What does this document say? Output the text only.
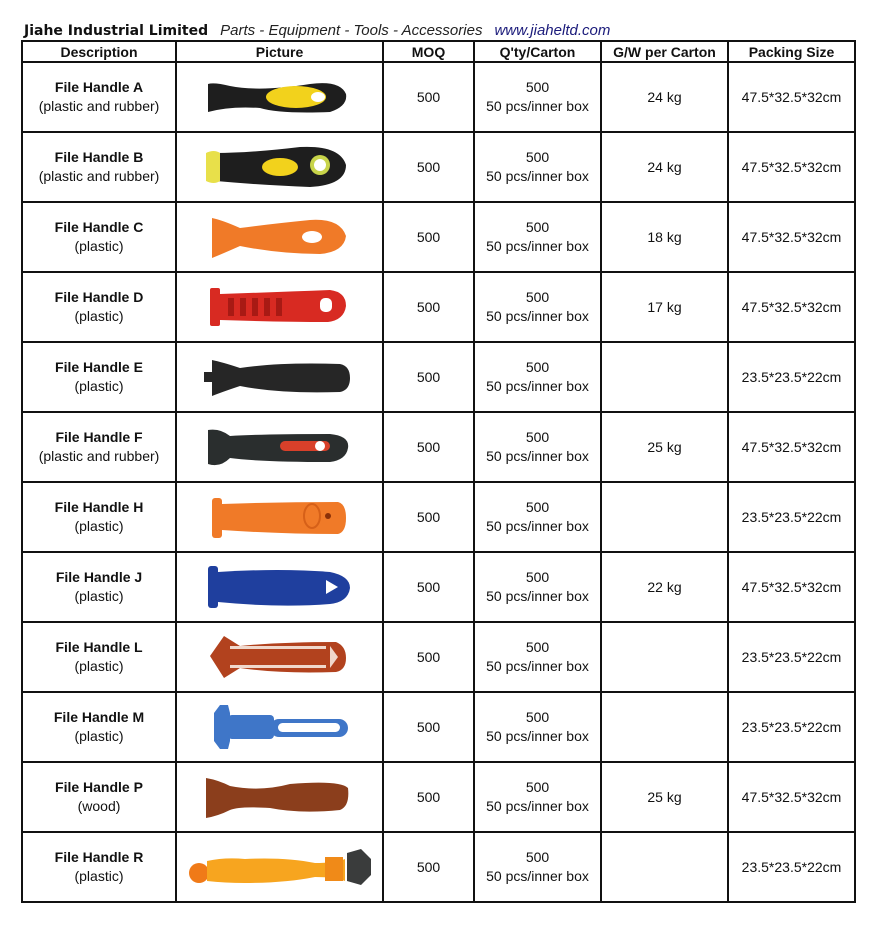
Jiahe Industrial Limited Parts - Equipment - Tools - Accessories www.jiaheltd.com
Description	Picture	MOQ	Q'ty/Carton	G/W per Carton	Packing Size

File Handle A
(plastic and rubber)		500	500
50 pcs/inner box	24 kg	47.5*32.5*32cm

File Handle B
(plastic and rubber)		500	500
50 pcs/inner box	24 kg	47.5*32.5*32cm

File Handle C
(plastic)		500	500
50 pcs/inner box	18 kg	47.5*32.5*32cm

File Handle D
(plastic)		500	500
50 pcs/inner box	17 kg	47.5*32.5*32cm

File Handle E
(plastic)		500	500
50 pcs/inner box		23.5*23.5*22cm

File Handle F
(plastic and rubber)		500	500
50 pcs/inner box	25 kg	47.5*32.5*32cm

File Handle H
(plastic)		500	500
50 pcs/inner box		23.5*23.5*22cm

File Handle J
(plastic)		500	500
50 pcs/inner box	22 kg	47.5*32.5*32cm

File Handle L
(plastic)		500	500
50 pcs/inner box		23.5*23.5*22cm

File Handle M
(plastic)		500	500
50 pcs/inner box		23.5*23.5*22cm

File Handle P
(wood)		500	500
50 pcs/inner box	25 kg	47.5*32.5*32cm

File Handle R
(plastic)		500	500
50 pcs/inner box		23.5*23.5*22cm
